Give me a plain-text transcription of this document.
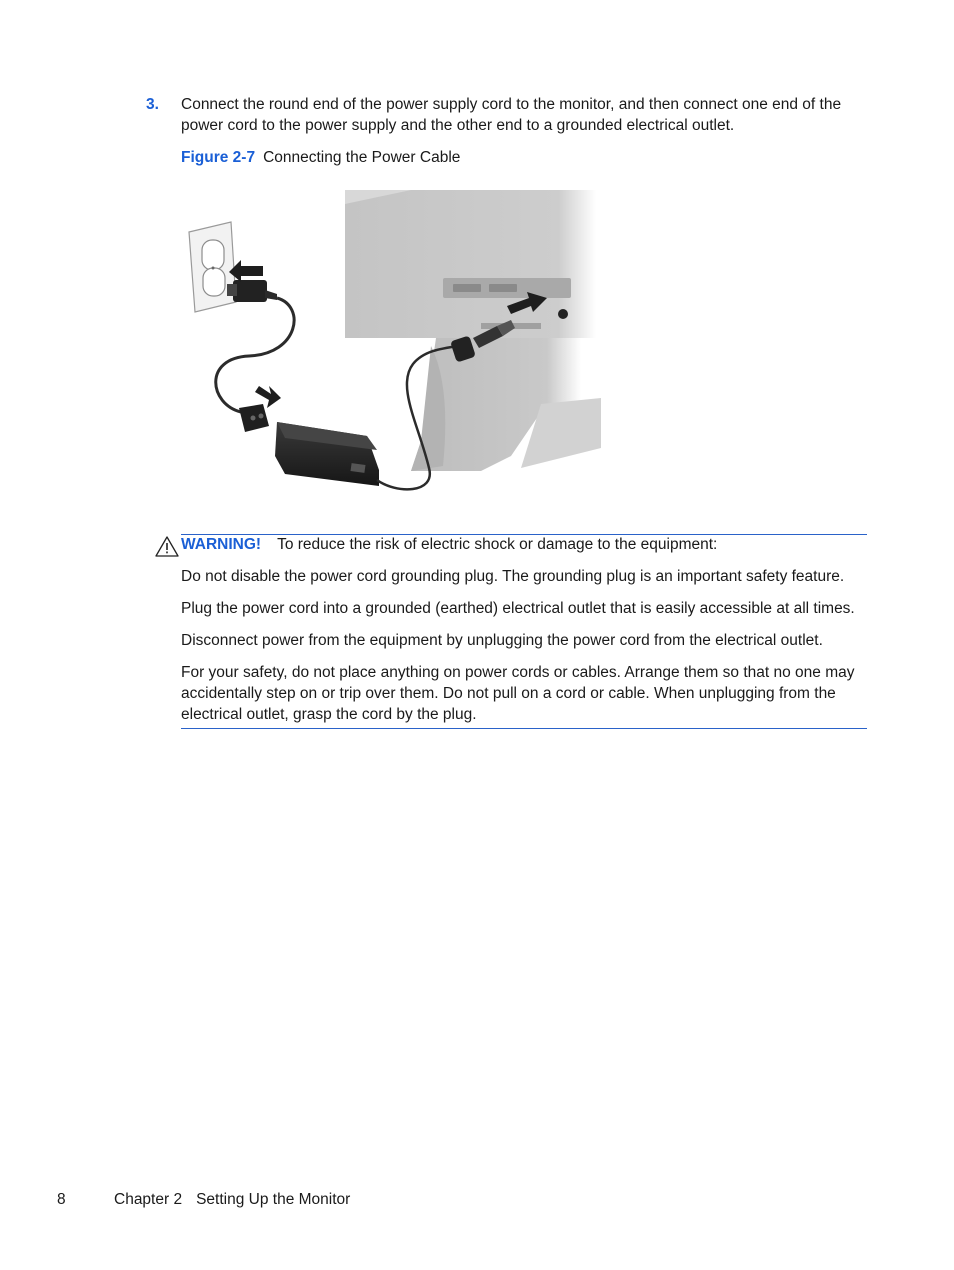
3. Connect the round end of the power supply cord to the monitor, and then connect one end of the power cord to the power supply and the other end to a grounded electrical outlet.
Figure 2-7 Connecting the Power Cable
WARNING! To reduce the risk of electric shock or damage to the equipment:

Do not disable the power cord grounding plug. The grounding plug is an important safety feature.

Plug the power cord into a grounded (earthed) electrical outlet that is easily accessible at all times.

Disconnect power from the equipment by unplugging the power cord from the electrical outlet.

For your safety, do not place anything on power cords or cables. Arrange them so that no one may accidentally step on or trip over them. Do not pull on a cord or cable. When unplugging from the electrical outlet, grasp the cord by the plug.

8	Chapter 2 Setting Up the Monitor
